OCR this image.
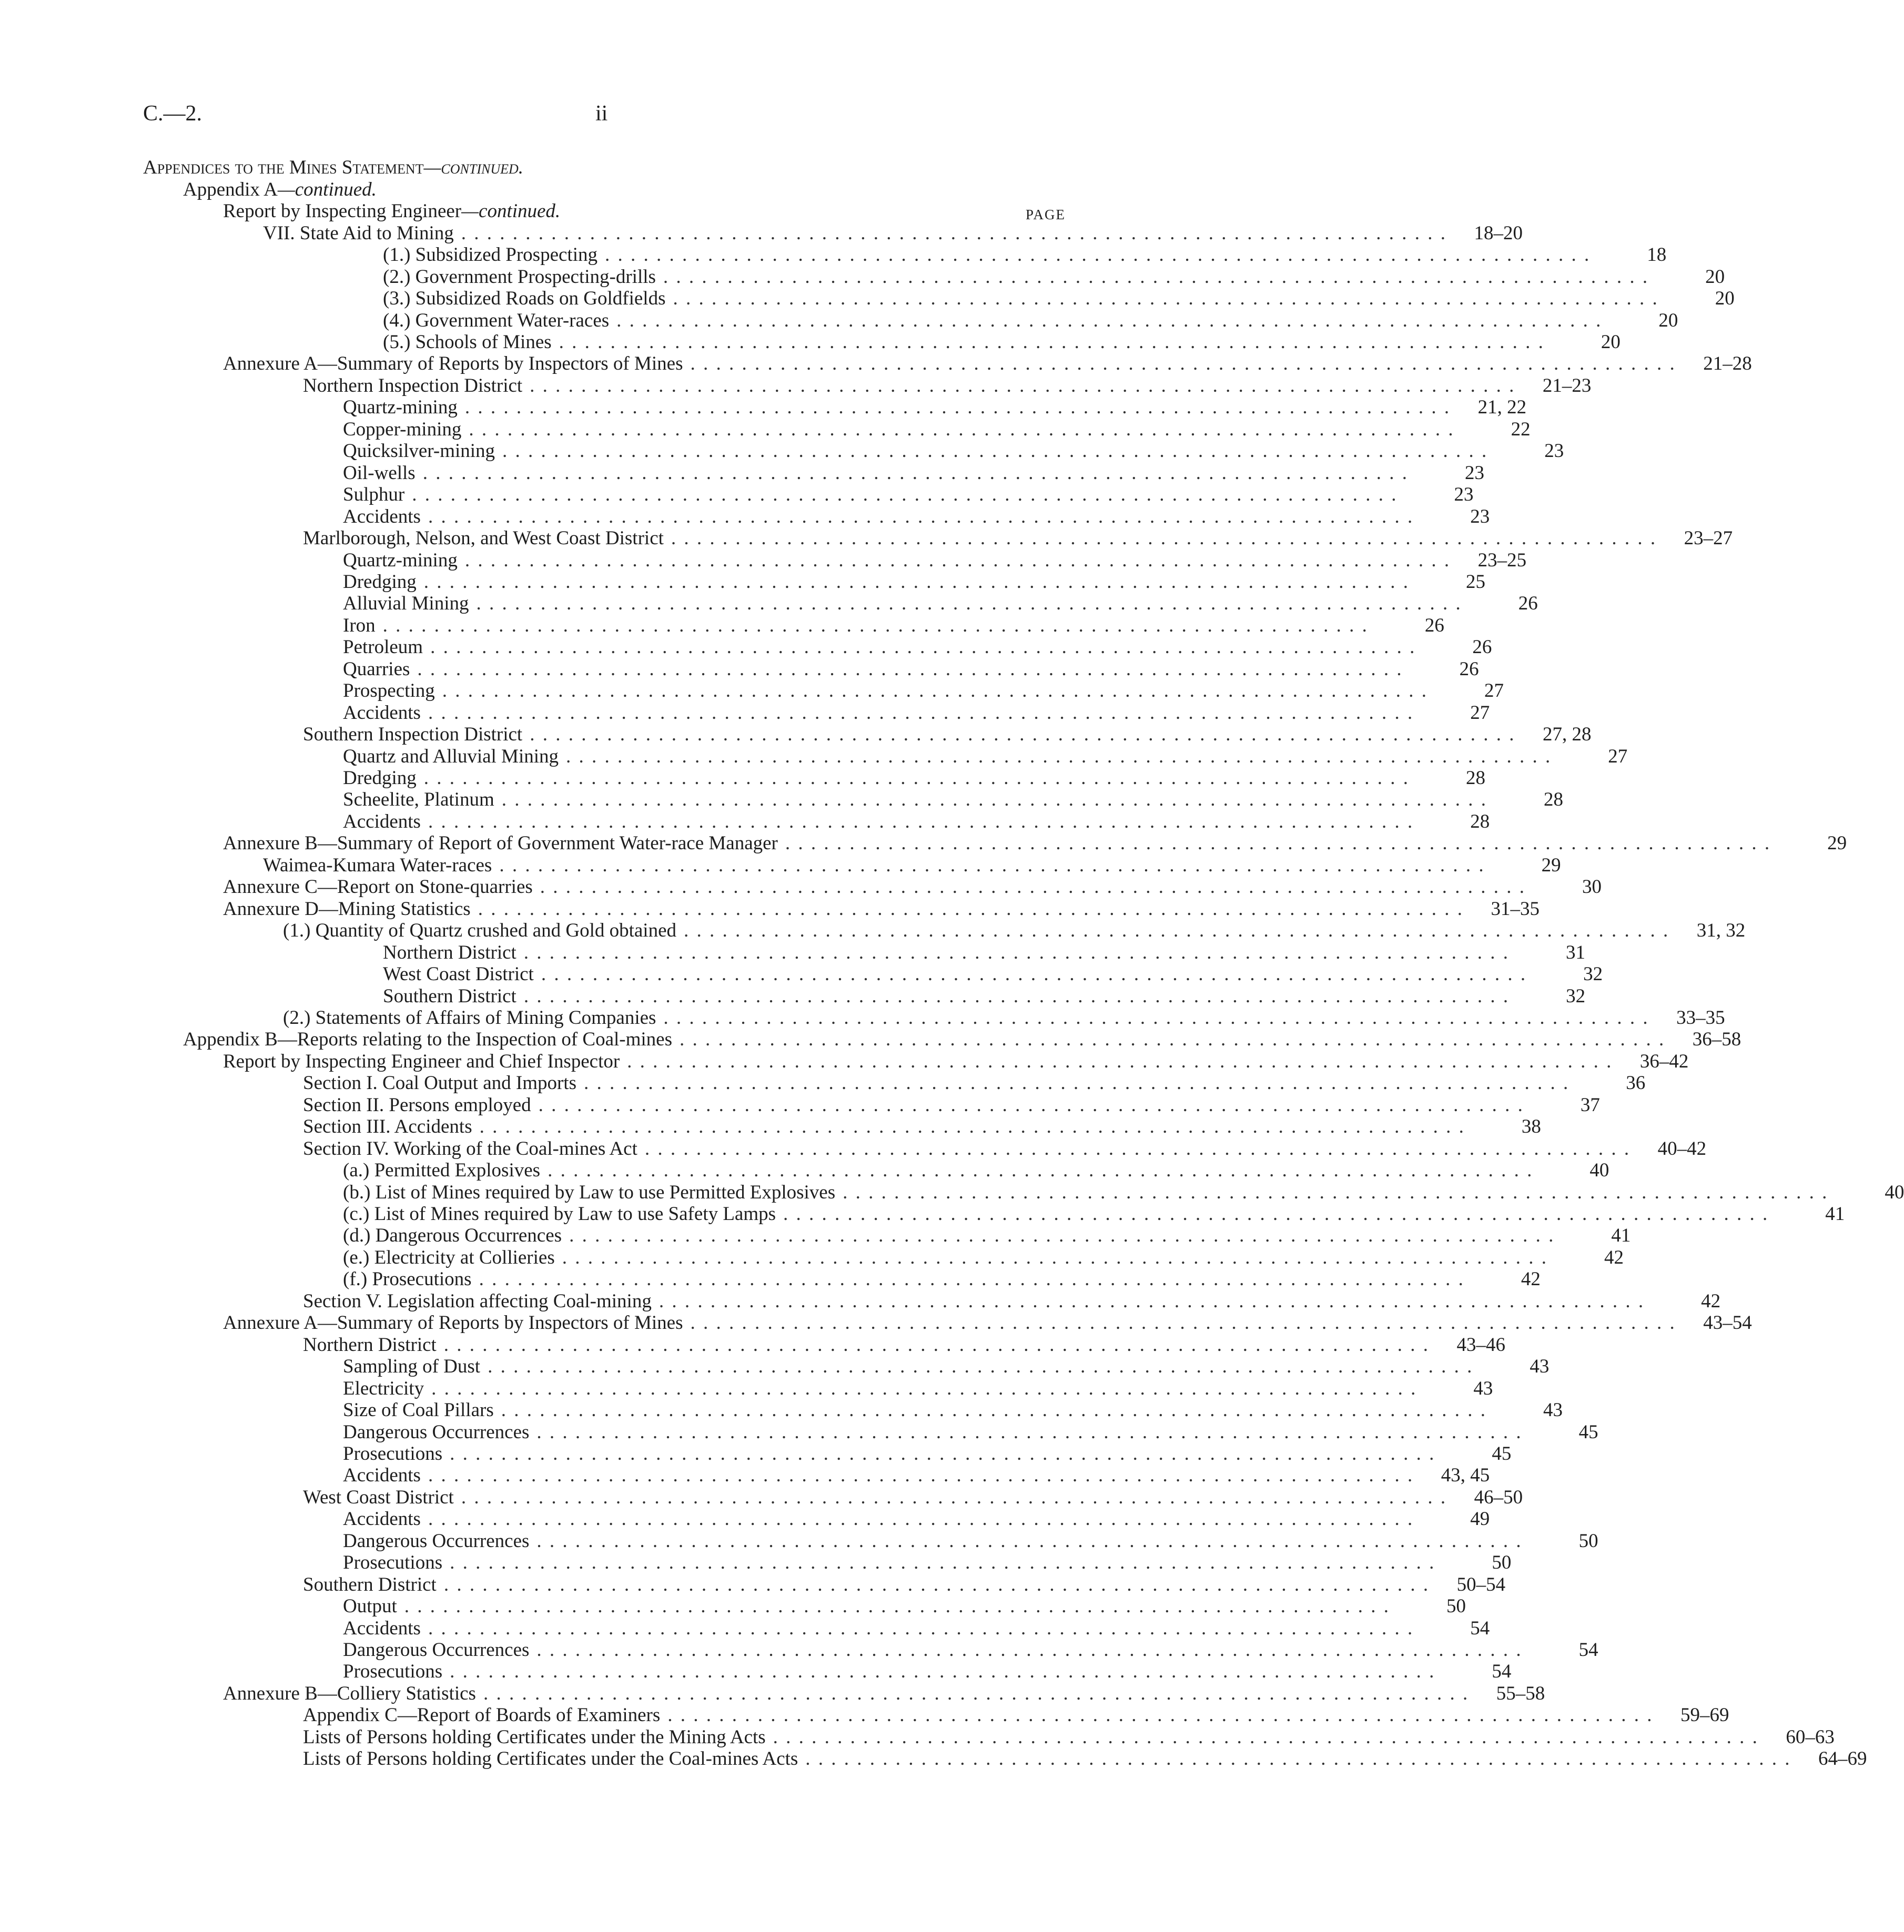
C.—2.	ii
PAGE
Appendices to the Mines Statement—continued.
Appendix A—continued.
Report by Inspecting Engineer—continued.
VII. State Aid to Mining . . . . . . . . . . . . . . . . . . . . . . . . . . . . . . . . . . . . . . . . . . . . . . . . . . . . . . . . . . . . . . . . . . . . . . . . . . . . .	18–20
(1.) Subsidized Prospecting . . . . . . . . . . . . . . . . . . . . . . . . . . . . . . . . . . . . . . . . . . . . . . . . . . . . . . . . . . . . . . . . . . . . . . . . . . . . .	18
(2.) Government Prospecting-drills . . . . . . . . . . . . . . . . . . . . . . . . . . . . . . . . . . . . . . . . . . . . . . . . . . . . . . . . . . . . . . . . . . . . . . . . . . . . .	20
(3.) Subsidized Roads on Goldfields . . . . . . . . . . . . . . . . . . . . . . . . . . . . . . . . . . . . . . . . . . . . . . . . . . . . . . . . . . . . . . . . . . . . . . . . . . . . .	20
(4.) Government Water-races . . . . . . . . . . . . . . . . . . . . . . . . . . . . . . . . . . . . . . . . . . . . . . . . . . . . . . . . . . . . . . . . . . . . . . . . . . . . .	20
(5.) Schools of Mines . . . . . . . . . . . . . . . . . . . . . . . . . . . . . . . . . . . . . . . . . . . . . . . . . . . . . . . . . . . . . . . . . . . . . . . . . . . . .	20
Annexure A—Summary of Reports by Inspectors of Mines . . . . . . . . . . . . . . . . . . . . . . . . . . . . . . . . . . . . . . . . . . . . . . . . . . . . . . . . . . . . . . . . . . . . . . . . . . . . .	21–28
Northern Inspection District . . . . . . . . . . . . . . . . . . . . . . . . . . . . . . . . . . . . . . . . . . . . . . . . . . . . . . . . . . . . . . . . . . . . . . . . . . . . .	21–23
Quartz-mining . . . . . . . . . . . . . . . . . . . . . . . . . . . . . . . . . . . . . . . . . . . . . . . . . . . . . . . . . . . . . . . . . . . . . . . . . . . . .	21, 22
Copper-mining . . . . . . . . . . . . . . . . . . . . . . . . . . . . . . . . . . . . . . . . . . . . . . . . . . . . . . . . . . . . . . . . . . . . . . . . . . . . .	22
Quicksilver-mining . . . . . . . . . . . . . . . . . . . . . . . . . . . . . . . . . . . . . . . . . . . . . . . . . . . . . . . . . . . . . . . . . . . . . . . . . . . . .	23
Oil-wells . . . . . . . . . . . . . . . . . . . . . . . . . . . . . . . . . . . . . . . . . . . . . . . . . . . . . . . . . . . . . . . . . . . . . . . . . . . . .	23
Sulphur . . . . . . . . . . . . . . . . . . . . . . . . . . . . . . . . . . . . . . . . . . . . . . . . . . . . . . . . . . . . . . . . . . . . . . . . . . . . .	23
Accidents . . . . . . . . . . . . . . . . . . . . . . . . . . . . . . . . . . . . . . . . . . . . . . . . . . . . . . . . . . . . . . . . . . . . . . . . . . . . .	23
Marlborough, Nelson, and West Coast District . . . . . . . . . . . . . . . . . . . . . . . . . . . . . . . . . . . . . . . . . . . . . . . . . . . . . . . . . . . . . . . . . . . . . . . . . . . . .	23–27
Quartz-mining . . . . . . . . . . . . . . . . . . . . . . . . . . . . . . . . . . . . . . . . . . . . . . . . . . . . . . . . . . . . . . . . . . . . . . . . . . . . .	23–25
Dredging . . . . . . . . . . . . . . . . . . . . . . . . . . . . . . . . . . . . . . . . . . . . . . . . . . . . . . . . . . . . . . . . . . . . . . . . . . . . .	25
Alluvial Mining . . . . . . . . . . . . . . . . . . . . . . . . . . . . . . . . . . . . . . . . . . . . . . . . . . . . . . . . . . . . . . . . . . . . . . . . . . . . .	26
Iron . . . . . . . . . . . . . . . . . . . . . . . . . . . . . . . . . . . . . . . . . . . . . . . . . . . . . . . . . . . . . . . . . . . . . . . . . . . . .	26
Petroleum . . . . . . . . . . . . . . . . . . . . . . . . . . . . . . . . . . . . . . . . . . . . . . . . . . . . . . . . . . . . . . . . . . . . . . . . . . . . .	26
Quarries . . . . . . . . . . . . . . . . . . . . . . . . . . . . . . . . . . . . . . . . . . . . . . . . . . . . . . . . . . . . . . . . . . . . . . . . . . . . .	26
Prospecting . . . . . . . . . . . . . . . . . . . . . . . . . . . . . . . . . . . . . . . . . . . . . . . . . . . . . . . . . . . . . . . . . . . . . . . . . . . . .	27
Accidents . . . . . . . . . . . . . . . . . . . . . . . . . . . . . . . . . . . . . . . . . . . . . . . . . . . . . . . . . . . . . . . . . . . . . . . . . . . . .	27
Southern Inspection District . . . . . . . . . . . . . . . . . . . . . . . . . . . . . . . . . . . . . . . . . . . . . . . . . . . . . . . . . . . . . . . . . . . . . . . . . . . . .	27, 28
Quartz and Alluvial Mining . . . . . . . . . . . . . . . . . . . . . . . . . . . . . . . . . . . . . . . . . . . . . . . . . . . . . . . . . . . . . . . . . . . . . . . . . . . . .	27
Dredging . . . . . . . . . . . . . . . . . . . . . . . . . . . . . . . . . . . . . . . . . . . . . . . . . . . . . . . . . . . . . . . . . . . . . . . . . . . . .	28
Scheelite, Platinum . . . . . . . . . . . . . . . . . . . . . . . . . . . . . . . . . . . . . . . . . . . . . . . . . . . . . . . . . . . . . . . . . . . . . . . . . . . . .	28
Accidents . . . . . . . . . . . . . . . . . . . . . . . . . . . . . . . . . . . . . . . . . . . . . . . . . . . . . . . . . . . . . . . . . . . . . . . . . . . . .	28
Annexure B—Summary of Report of Government Water-race Manager . . . . . . . . . . . . . . . . . . . . . . . . . . . . . . . . . . . . . . . . . . . . . . . . . . . . . . . . . . . . . . . . . . . . . . . . . . . . .	29
Waimea-Kumara Water-races . . . . . . . . . . . . . . . . . . . . . . . . . . . . . . . . . . . . . . . . . . . . . . . . . . . . . . . . . . . . . . . . . . . . . . . . . . . . .	29
Annexure C—Report on Stone-quarries . . . . . . . . . . . . . . . . . . . . . . . . . . . . . . . . . . . . . . . . . . . . . . . . . . . . . . . . . . . . . . . . . . . . . . . . . . . . .	30
Annexure D—Mining Statistics . . . . . . . . . . . . . . . . . . . . . . . . . . . . . . . . . . . . . . . . . . . . . . . . . . . . . . . . . . . . . . . . . . . . . . . . . . . . .	31–35
(1.) Quantity of Quartz crushed and Gold obtained . . . . . . . . . . . . . . . . . . . . . . . . . . . . . . . . . . . . . . . . . . . . . . . . . . . . . . . . . . . . . . . . . . . . . . . . . . . . .	31, 32
Northern District . . . . . . . . . . . . . . . . . . . . . . . . . . . . . . . . . . . . . . . . . . . . . . . . . . . . . . . . . . . . . . . . . . . . . . . . . . . . .	31
West Coast District . . . . . . . . . . . . . . . . . . . . . . . . . . . . . . . . . . . . . . . . . . . . . . . . . . . . . . . . . . . . . . . . . . . . . . . . . . . . .	32
Southern District . . . . . . . . . . . . . . . . . . . . . . . . . . . . . . . . . . . . . . . . . . . . . . . . . . . . . . . . . . . . . . . . . . . . . . . . . . . . .	32
(2.) Statements of Affairs of Mining Companies . . . . . . . . . . . . . . . . . . . . . . . . . . . . . . . . . . . . . . . . . . . . . . . . . . . . . . . . . . . . . . . . . . . . . . . . . . . . .	33–35
Appendix B—Reports relating to the Inspection of Coal-mines . . . . . . . . . . . . . . . . . . . . . . . . . . . . . . . . . . . . . . . . . . . . . . . . . . . . . . . . . . . . . . . . . . . . . . . . . . . . .	36–58
Report by Inspecting Engineer and Chief Inspector . . . . . . . . . . . . . . . . . . . . . . . . . . . . . . . . . . . . . . . . . . . . . . . . . . . . . . . . . . . . . . . . . . . . . . . . . . . . .	36–42
Section I. Coal Output and Imports . . . . . . . . . . . . . . . . . . . . . . . . . . . . . . . . . . . . . . . . . . . . . . . . . . . . . . . . . . . . . . . . . . . . . . . . . . . . .	36
Section II. Persons employed . . . . . . . . . . . . . . . . . . . . . . . . . . . . . . . . . . . . . . . . . . . . . . . . . . . . . . . . . . . . . . . . . . . . . . . . . . . . .	37
Section III. Accidents . . . . . . . . . . . . . . . . . . . . . . . . . . . . . . . . . . . . . . . . . . . . . . . . . . . . . . . . . . . . . . . . . . . . . . . . . . . . .	38
Section IV. Working of the Coal-mines Act . . . . . . . . . . . . . . . . . . . . . . . . . . . . . . . . . . . . . . . . . . . . . . . . . . . . . . . . . . . . . . . . . . . . . . . . . . . . .	40–42
(a.) Permitted Explosives . . . . . . . . . . . . . . . . . . . . . . . . . . . . . . . . . . . . . . . . . . . . . . . . . . . . . . . . . . . . . . . . . . . . . . . . . . . . .	40
(b.) List of Mines required by Law to use Permitted Explosives . . . . . . . . . . . . . . . . . . . . . . . . . . . . . . . . . . . . . . . . . . . . . . . . . . . . . . . . . . . . . . . . . . . . . . . . . . . . .	40
(c.) List of Mines required by Law to use Safety Lamps . . . . . . . . . . . . . . . . . . . . . . . . . . . . . . . . . . . . . . . . . . . . . . . . . . . . . . . . . . . . . . . . . . . . . . . . . . . . .	41
(d.) Dangerous Occurrences . . . . . . . . . . . . . . . . . . . . . . . . . . . . . . . . . . . . . . . . . . . . . . . . . . . . . . . . . . . . . . . . . . . . . . . . . . . . .	41
(e.) Electricity at Collieries . . . . . . . . . . . . . . . . . . . . . . . . . . . . . . . . . . . . . . . . . . . . . . . . . . . . . . . . . . . . . . . . . . . . . . . . . . . . .	42
(f.) Prosecutions . . . . . . . . . . . . . . . . . . . . . . . . . . . . . . . . . . . . . . . . . . . . . . . . . . . . . . . . . . . . . . . . . . . . . . . . . . . . .	42
Section V. Legislation affecting Coal-mining . . . . . . . . . . . . . . . . . . . . . . . . . . . . . . . . . . . . . . . . . . . . . . . . . . . . . . . . . . . . . . . . . . . . . . . . . . . . .	42
Annexure A—Summary of Reports by Inspectors of Mines . . . . . . . . . . . . . . . . . . . . . . . . . . . . . . . . . . . . . . . . . . . . . . . . . . . . . . . . . . . . . . . . . . . . . . . . . . . . .	43–54
Northern District . . . . . . . . . . . . . . . . . . . . . . . . . . . . . . . . . . . . . . . . . . . . . . . . . . . . . . . . . . . . . . . . . . . . . . . . . . . . .	43–46
Sampling of Dust . . . . . . . . . . . . . . . . . . . . . . . . . . . . . . . . . . . . . . . . . . . . . . . . . . . . . . . . . . . . . . . . . . . . . . . . . . . . .	43
Electricity . . . . . . . . . . . . . . . . . . . . . . . . . . . . . . . . . . . . . . . . . . . . . . . . . . . . . . . . . . . . . . . . . . . . . . . . . . . . .	43
Size of Coal Pillars . . . . . . . . . . . . . . . . . . . . . . . . . . . . . . . . . . . . . . . . . . . . . . . . . . . . . . . . . . . . . . . . . . . . . . . . . . . . .	43
Dangerous Occurrences . . . . . . . . . . . . . . . . . . . . . . . . . . . . . . . . . . . . . . . . . . . . . . . . . . . . . . . . . . . . . . . . . . . . . . . . . . . . .	45
Prosecutions . . . . . . . . . . . . . . . . . . . . . . . . . . . . . . . . . . . . . . . . . . . . . . . . . . . . . . . . . . . . . . . . . . . . . . . . . . . . .	45
Accidents . . . . . . . . . . . . . . . . . . . . . . . . . . . . . . . . . . . . . . . . . . . . . . . . . . . . . . . . . . . . . . . . . . . . . . . . . . . . .	43, 45
West Coast District . . . . . . . . . . . . . . . . . . . . . . . . . . . . . . . . . . . . . . . . . . . . . . . . . . . . . . . . . . . . . . . . . . . . . . . . . . . . .	46–50
Accidents . . . . . . . . . . . . . . . . . . . . . . . . . . . . . . . . . . . . . . . . . . . . . . . . . . . . . . . . . . . . . . . . . . . . . . . . . . . . .	49
Dangerous Occurrences . . . . . . . . . . . . . . . . . . . . . . . . . . . . . . . . . . . . . . . . . . . . . . . . . . . . . . . . . . . . . . . . . . . . . . . . . . . . .	50
Prosecutions . . . . . . . . . . . . . . . . . . . . . . . . . . . . . . . . . . . . . . . . . . . . . . . . . . . . . . . . . . . . . . . . . . . . . . . . . . . . .	50
Southern District . . . . . . . . . . . . . . . . . . . . . . . . . . . . . . . . . . . . . . . . . . . . . . . . . . . . . . . . . . . . . . . . . . . . . . . . . . . . .	50–54
Output . . . . . . . . . . . . . . . . . . . . . . . . . . . . . . . . . . . . . . . . . . . . . . . . . . . . . . . . . . . . . . . . . . . . . . . . . . . . .	50
Accidents . . . . . . . . . . . . . . . . . . . . . . . . . . . . . . . . . . . . . . . . . . . . . . . . . . . . . . . . . . . . . . . . . . . . . . . . . . . . .	54
Dangerous Occurrences . . . . . . . . . . . . . . . . . . . . . . . . . . . . . . . . . . . . . . . . . . . . . . . . . . . . . . . . . . . . . . . . . . . . . . . . . . . . .	54
Prosecutions . . . . . . . . . . . . . . . . . . . . . . . . . . . . . . . . . . . . . . . . . . . . . . . . . . . . . . . . . . . . . . . . . . . . . . . . . . . . .	54
Annexure B—Colliery Statistics . . . . . . . . . . . . . . . . . . . . . . . . . . . . . . . . . . . . . . . . . . . . . . . . . . . . . . . . . . . . . . . . . . . . . . . . . . . . .	55–58
Appendix C—Report of Boards of Examiners . . . . . . . . . . . . . . . . . . . . . . . . . . . . . . . . . . . . . . . . . . . . . . . . . . . . . . . . . . . . . . . . . . . . . . . . . . . . .	59–69
Lists of Persons holding Certificates under the Mining Acts . . . . . . . . . . . . . . . . . . . . . . . . . . . . . . . . . . . . . . . . . . . . . . . . . . . . . . . . . . . . . . . . . . . . . . . . . . . . .	60–63
Lists of Persons holding Certificates under the Coal-mines Acts . . . . . . . . . . . . . . . . . . . . . . . . . . . . . . . . . . . . . . . . . . . . . . . . . . . . . . . . . . . . . . . . . . . . . . . . . . . . .	64–69
